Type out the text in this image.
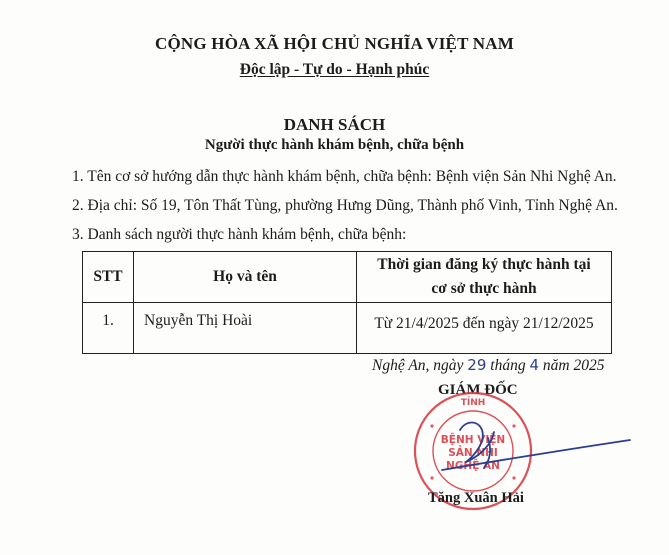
CỘNG HÒA XÃ HỘI CHỦ NGHĨA VIỆT NAM
Độc lập - Tự do - Hạnh phúc
DANH SÁCH
Người thực hành khám bệnh, chữa bệnh
1. Tên cơ sở hướng dẫn thực hành khám bệnh, chữa bệnh: Bệnh viện Sản Nhi Nghệ An.
2. Địa chỉ: Số 19, Tôn Thất Tùng, phường Hưng Dũng, Thành phố Vinh, Tỉnh Nghệ An.
3. Danh sách người thực hành khám bệnh, chữa bệnh:
STT	Họ và tên	Thời gian đăng ký thực hành tại
cơ sở thực hành

1.	Nguyễn Thị Hoài	Từ 21/4/2025 đến ngày 21/12/2025
Nghệ An, ngày 29 tháng 4 năm 2025
GIÁM ĐỐC
TỈNH
BỆNH VIỆN
SẢN NHI
NGHỆ AN
Tăng Xuân Hải
